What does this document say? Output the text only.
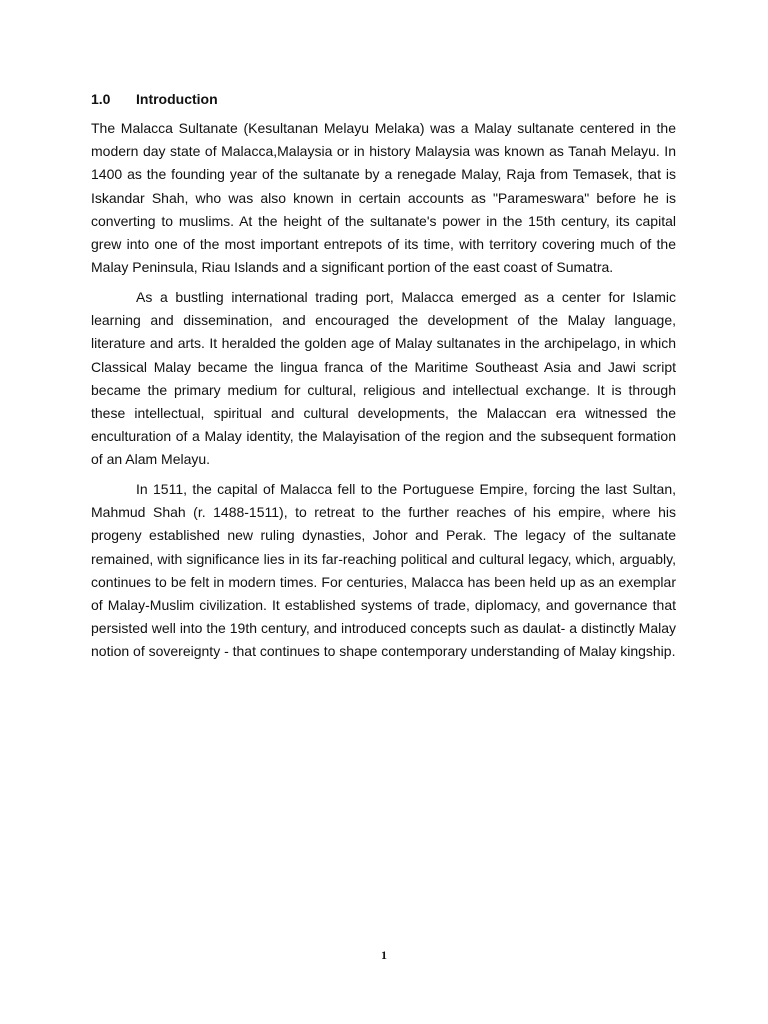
1.0 Introduction

The Malacca Sultanate (Kesultanan Melayu Melaka) was a Malay sultanate centered in the modern day state of Malacca,Malaysia or in history Malaysia was known as Tanah Melayu. In 1400 as the founding year of the sultanate by a renegade Malay, Raja from Temasek, that is Iskandar Shah, who was also known in certain accounts as "Parameswara" before he is converting to muslims. At the height of the sultanate's power in the 15th century, its capital grew into one of the most important entrepots of its time, with territory covering much of the Malay Peninsula, Riau Islands and a significant portion of the east coast of Sumatra.

As a bustling international trading port, Malacca emerged as a center for Islamic learning and dissemination, and encouraged the development of the Malay language, literature and arts. It heralded the golden age of Malay sultanates in the archipelago, in which Classical Malay became the lingua franca of the Maritime Southeast Asia and Jawi script became the primary medium for cultural, religious and intellectual exchange. It is through these intellectual, spiritual and cultural developments, the Malaccan era witnessed the enculturation of a Malay identity, the Malayisation of the region and the subsequent formation of an Alam Melayu.

In 1511, the capital of Malacca fell to the Portuguese Empire, forcing the last Sultan, Mahmud Shah (r. 1488-1511), to retreat to the further reaches of his empire, where his progeny established new ruling dynasties, Johor and Perak. The legacy of the sultanate remained, with significance lies in its far-reaching political and cultural legacy, which, arguably, continues to be felt in modern times. For centuries, Malacca has been held up as an exemplar of Malay-Muslim civilization. It established systems of trade, diplomacy, and governance that persisted well into the 19th century, and introduced concepts such as daulat- a distinctly Malay notion of sovereignty - that continues to shape contemporary understanding of Malay kingship.

1
